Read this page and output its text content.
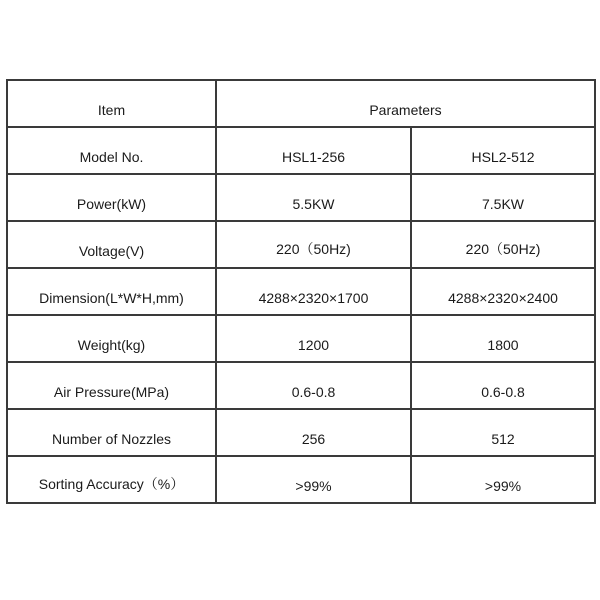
Item	Parameters	

Model No.	HSL1-256	HSL2-512

Power(kW)	5.5KW	7.5KW

Voltage(V)	220（50Hz)	220（50Hz)

Dimension(L*W*H,mm)	4288×2320×1700	4288×2320×2400

Weight(kg)	1200	1800

Air Pressure(MPa)	0.6-0.8	0.6-0.8

Number of Nozzles	256	512

Sorting Accuracy（%）	>99%	>99%
